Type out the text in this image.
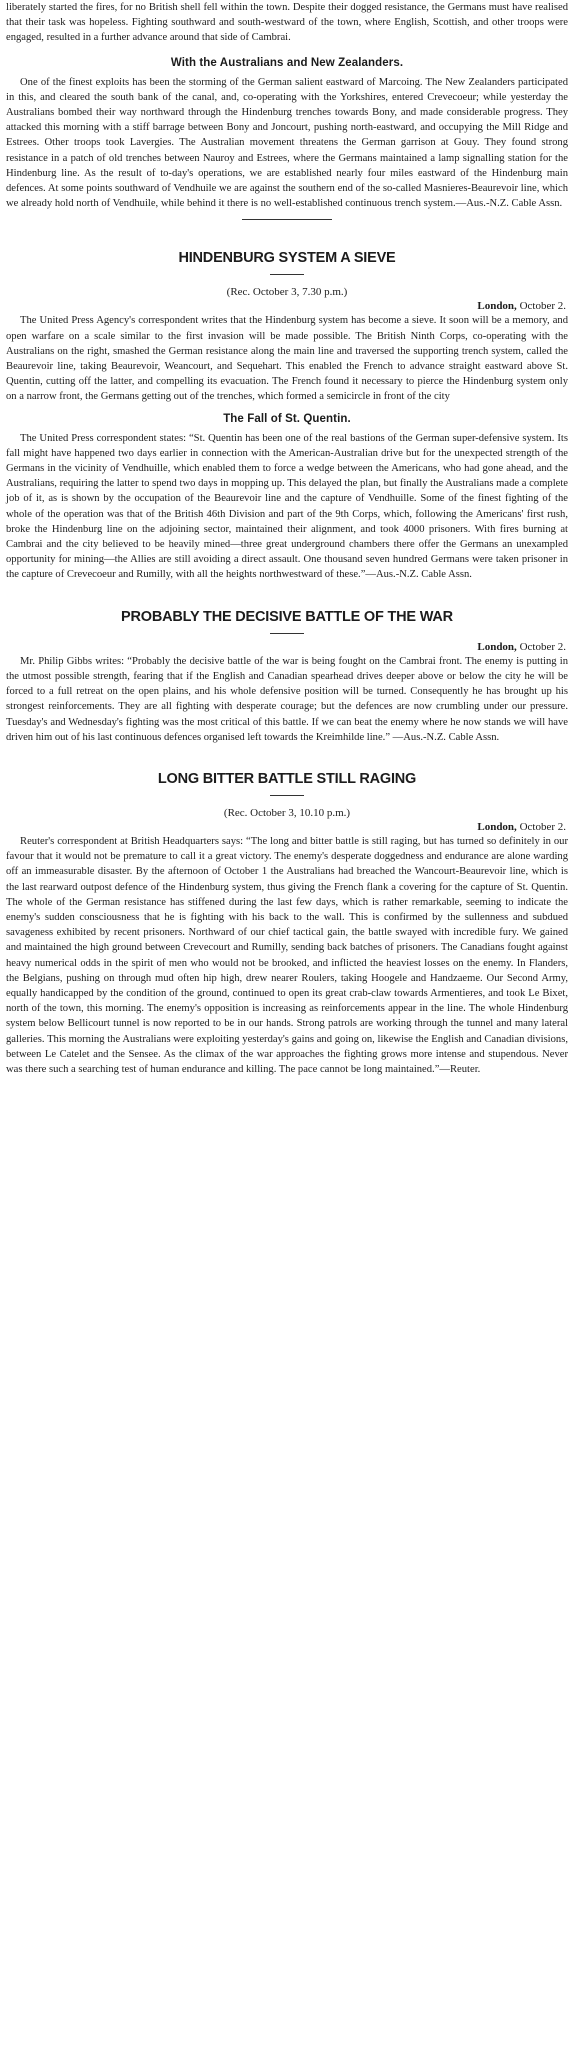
liberately started the fires, for no British shell fell within the town. Despite their dogged resistance, the Germans must have realised that their task was hopeless. Fighting southward and south-westward of the town, where English, Scottish, and other troops were engaged, resulted in a further advance around that side of Cambrai.

With the Australians and New Zealanders.

One of the finest exploits has been the storming of the German salient eastward of Marcoing. The New Zealanders participated in this, and cleared the south bank of the canal, and, co-operating with the Yorkshires, entered Crevecoeur; while yesterday the Australians bombed their way northward through the Hindenburg trenches towards Bony, and made considerable progress. They attacked this morning with a stiff barrage between Bony and Joncourt, pushing north-eastward, and occupying the Mill Ridge and Estrees. Other troops took Lavergies. The Australian movement threatens the German garrison at Gouy. They found strong resistance in a patch of old trenches between Nauroy and Estrees, where the Germans maintained a lamp signalling station for the Hindenburg line. As the result of to-day's operations, we are established nearly four miles eastward of the Hindenburg main defences. At some points southward of Vendhuile we are against the southern end of the so-called Masnieres-Beaurevoir line, which we already hold north of Vendhuile, while behind it there is no well-established continuous trench system.—Aus.-N.Z. Cable Assn.

HINDENBURG SYSTEM A SIEVE
(Rec. October 3, 7.30 p.m.)
London, October 2.

The United Press Agency's correspondent writes that the Hindenburg system has become a sieve. It soon will be a memory, and open warfare on a scale similar to the first invasion will be made possible. The British Ninth Corps, co-operating with the Australians on the right, smashed the German resistance along the main line and traversed the supporting trench system, called the Beaurevoir line, taking Beaurevoir, Weancourt, and Sequehart. This enabled the French to advance straight eastward above St. Quentin, cutting off the latter, and compelling its evacuation. The French found it necessary to pierce the Hindenburg system only on a narrow front, the Germans getting out of the trenches, which formed a semicircle in front of the city

The Fall of St. Quentin.

The United Press correspondent states: “St. Quentin has been one of the real bastions of the German super-defensive system. Its fall might have happened two days earlier in connection with the American-Australian drive but for the unexpected strength of the Germans in the vicinity of Vendhuille, which enabled them to force a wedge between the Americans, who had gone ahead, and the Australians, requiring the latter to spend two days in mopping up. This delayed the plan, but finally the Australians made a complete job of it, as is shown by the occupation of the Beaurevoir line and the capture of Vendhuille. Some of the finest fighting of the whole of the operation was that of the British 46th Division and part of the 9th Corps, which, following the Americans' first rush, broke the Hindenburg line on the adjoining sector, maintained their alignment, and took 4000 prisoners. With fires burning at Cambrai and the city believed to be heavily mined—three great underground chambers there offer the Germans an unexampled opportunity for mining—the Allies are still avoiding a direct assault. One thousand seven hundred Germans were taken prisoner in the capture of Crevecoeur and Rumilly, with all the heights northwestward of these.”—Aus.-N.Z. Cable Assn.

PROBABLY THE DECISIVE BATTLE OF THE WAR
London, October 2.

Mr. Philip Gibbs writes: “Probably the decisive battle of the war is being fought on the Cambrai front. The enemy is putting in the utmost possible strength, fearing that if the English and Canadian spearhead drives deeper above or below the city he will be forced to a full retreat on the open plains, and his whole defensive position will be turned. Consequently he has brought up his strongest reinforcements. They are all fighting with desperate courage; but the defences are now crumbling under our pressure. Tuesday's and Wednesday's fighting was the most critical of this battle. If we can beat the enemy where he now stands we will have driven him out of his last continuous defences organised left towards the Kreimhilde line.” —Aus.-N.Z. Cable Assn.

LONG BITTER BATTLE STILL RAGING
(Rec. October 3, 10.10 p.m.)
London, October 2.

Reuter's correspondent at British Headquarters says: “The long and bitter battle is still raging, but has turned so definitely in our favour that it would not be premature to call it a great victory. The enemy's desperate doggedness and endurance are alone warding off an immeasurable disaster. By the afternoon of October 1 the Australians had breached the Wancourt-Beaurevoir line, which is the last rearward outpost defence of the Hindenburg system, thus giving the French flank a covering for the capture of St. Quentin. The whole of the German resistance has stiffened during the last few days, which is rather remarkable, seeming to indicate the enemy's sudden consciousness that he is fighting with his back to the wall. This is confirmed by the sullenness and subdued savageness exhibited by recent prisoners. Northward of our chief tactical gain, the battle swayed with incredible fury. We gained and maintained the high ground between Crevecourt and Rumilly, sending back batches of prisoners. The Canadians fought against heavy numerical odds in the spirit of men who would not be brooked, and inflicted the heaviest losses on the enemy. In Flanders, the Belgians, pushing on through mud often hip high, drew nearer Roulers, taking Hoogele and Handzaeme. Our Second Army, equally handicapped by the condition of the ground, continued to open its great crab-claw towards Armentieres, and took Le Bixet, north of the town, this morning. The enemy's opposition is increasing as reinforcements appear in the line. The whole Hindenburg system below Bellicourt tunnel is now reported to be in our hands. Strong patrols are working through the tunnel and many lateral galleries. This morning the Australians were exploiting yesterday's gains and going on, likewise the English and Canadian divisions, between Le Catelet and the Sensee. As the climax of the war approaches the fighting grows more intense and stupendous. Never was there such a searching test of human endurance and killing. The pace cannot be long maintained.”—Reuter.
